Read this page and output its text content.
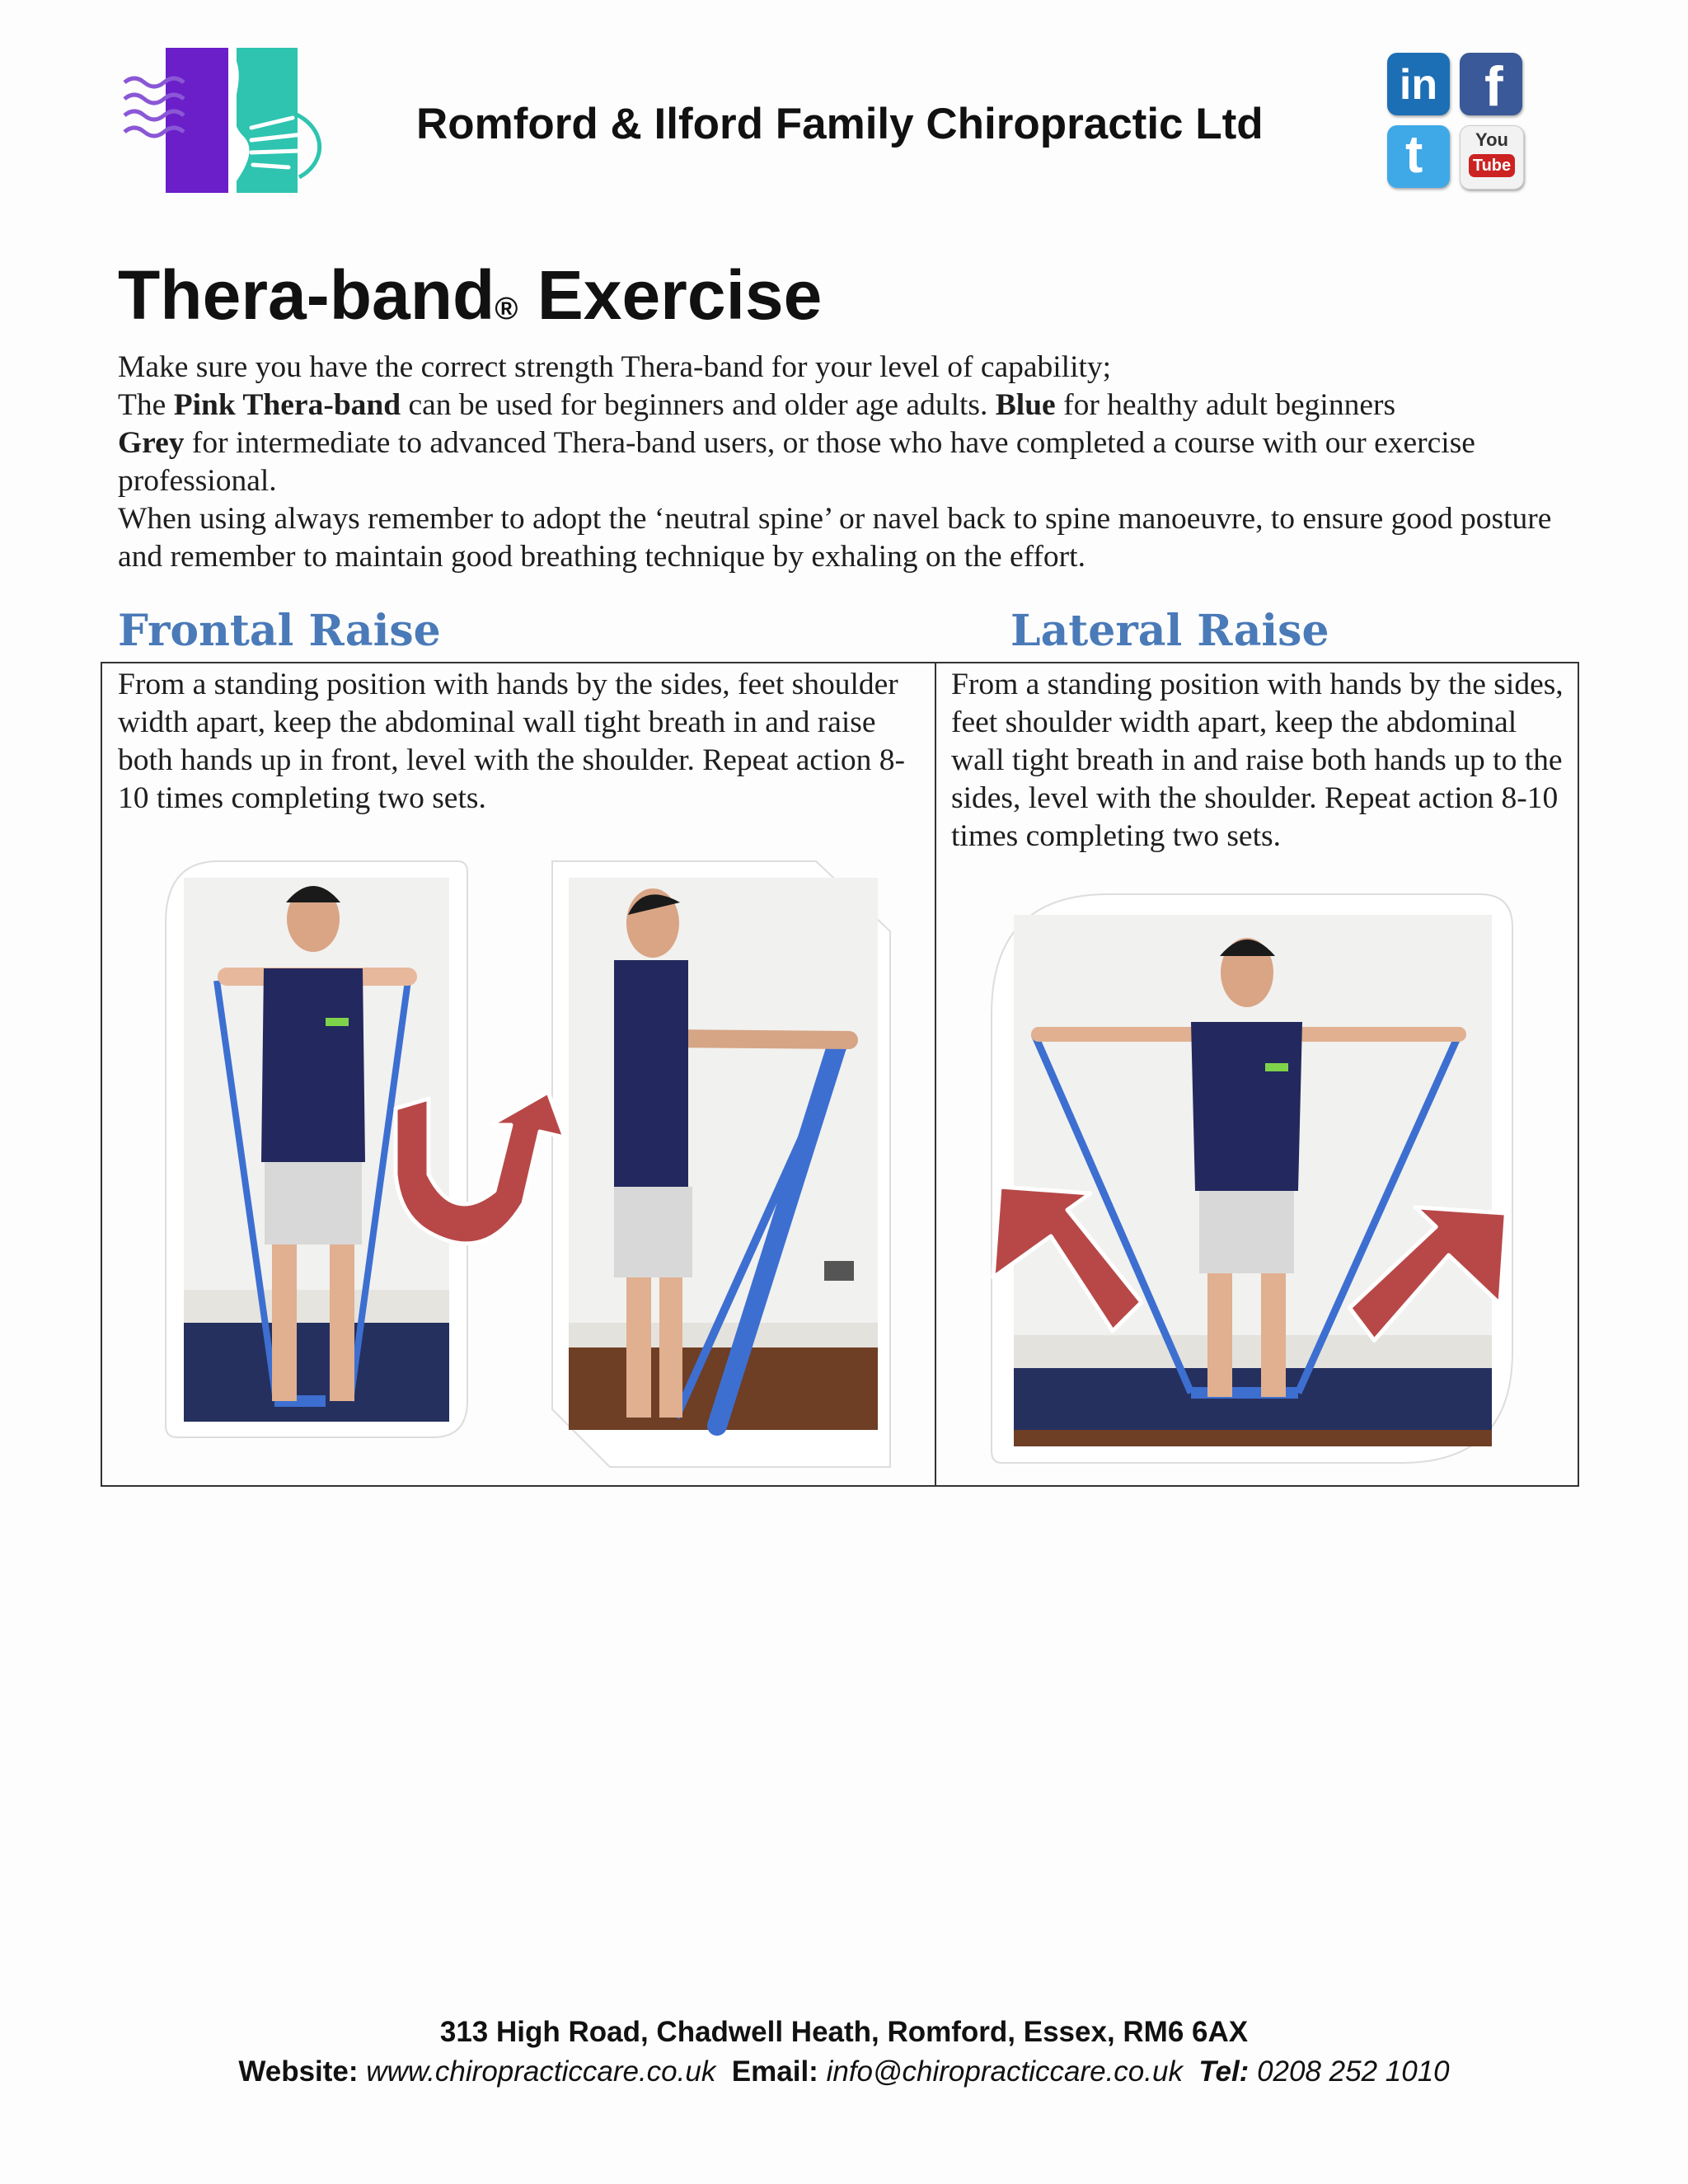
Romford & Ilford Family Chiropractic Ltd
in f
t	You
Tube
Thera-band® Exercise

Make sure you have the correct strength Thera-band for your level of capability;

The Pink Thera-band can be used for beginners and older age adults. Blue for healthy adult beginners

Grey for intermediate to advanced Thera-band users, or those who have completed a course with our exercise professional.

When using always remember to adopt the ‘neutral spine’ or navel back to spine manoeuvre, to ensure good posture and remember to maintain good breathing technique by exhaling on the effort.

Frontal Raise	Lateral Raise
From a standing position with hands by the sides, feet shoulder width apart, keep the abdominal wall tight breath in and raise both hands up in front, level with the shoulder. Repeat action 8-10 times completing two sets.
From a standing position with hands by the sides, feet shoulder width apart, keep the abdominal wall tight breath in and raise both hands up to the sides, level with the shoulder. Repeat action 8-10 times completing two sets.
313 High Road, Chadwell Heath, Romford, Essex, RM6 6AX
Website: www.chiropracticcare.co.uk Email: info@chiropracticcare.co.uk Tel: 0208 252 1010
